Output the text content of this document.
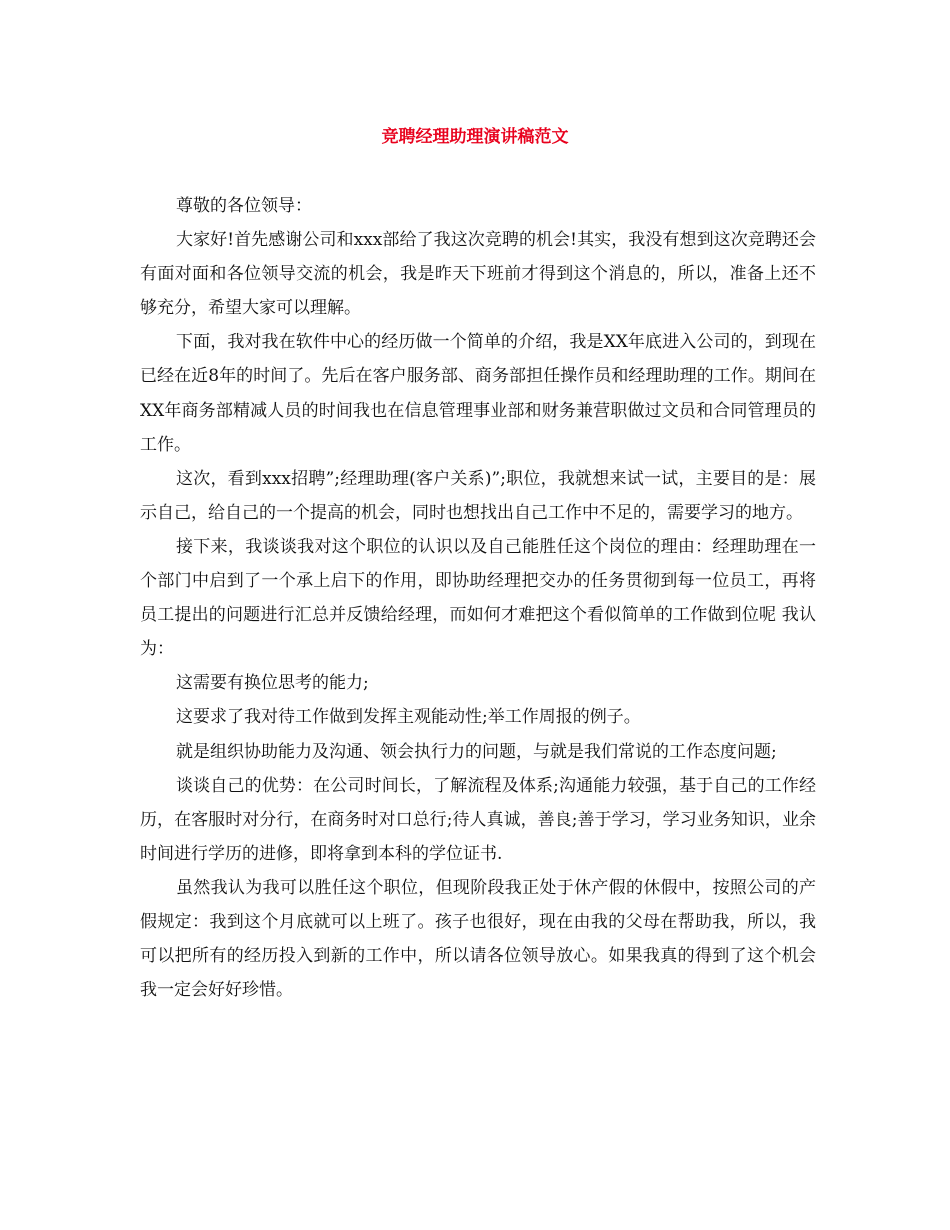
竞聘经理助理演讲稿范文

尊敬的各位领导：

大家好!首先感谢公司和xxx部给了我这次竞聘的机会!其实，我没有想到这次竞聘还会有面对面和各位领导交流的机会，我是昨天下班前才得到这个消息的，所以，准备上还不够充分，希望大家可以理解。

下面，我对我在软件中心的经历做一个简单的介绍，我是XX年底进入公司的，到现在已经在近8年的时间了。先后在客户服务部、商务部担任操作员和经理助理的工作。期间在XX年商务部精减人员的时间我也在信息管理事业部和财务兼营职做过文员和合同管理员的工作。

这次，看到xxx招聘”;经理助理(客户关系)”;职位，我就想来试一试，主要目的是：展示自己，给自己的一个提高的机会，同时也想找出自己工作中不足的，需要学习的地方。

接下来，我谈谈我对这个职位的认识以及自己能胜任这个岗位的理由：经理助理在一个部门中启到了一个承上启下的作用，即协助经理把交办的任务贯彻到每一位员工，再将员工提出的问题进行汇总并反馈给经理，而如何才难把这个看似简单的工作做到位呢 我认为：

这需要有换位思考的能力;

这要求了我对待工作做到发挥主观能动性;举工作周报的例子。

就是组织协助能力及沟通、领会执行力的问题，与就是我们常说的工作态度问题;

谈谈自己的优势：在公司时间长，了解流程及体系;沟通能力较强，基于自己的工作经历，在客服时对分行，在商务时对口总行;待人真诚，善良;善于学习，学习业务知识，业余时间进行学历的进修，即将拿到本科的学位证书.

虽然我认为我可以胜任这个职位，但现阶段我正处于休产假的休假中，按照公司的产假规定：我到这个月底就可以上班了。孩子也很好，现在由我的父母在帮助我，所以，我可以把所有的经历投入到新的工作中，所以请各位领导放心。如果我真的得到了这个机会我一定会好好珍惜。
